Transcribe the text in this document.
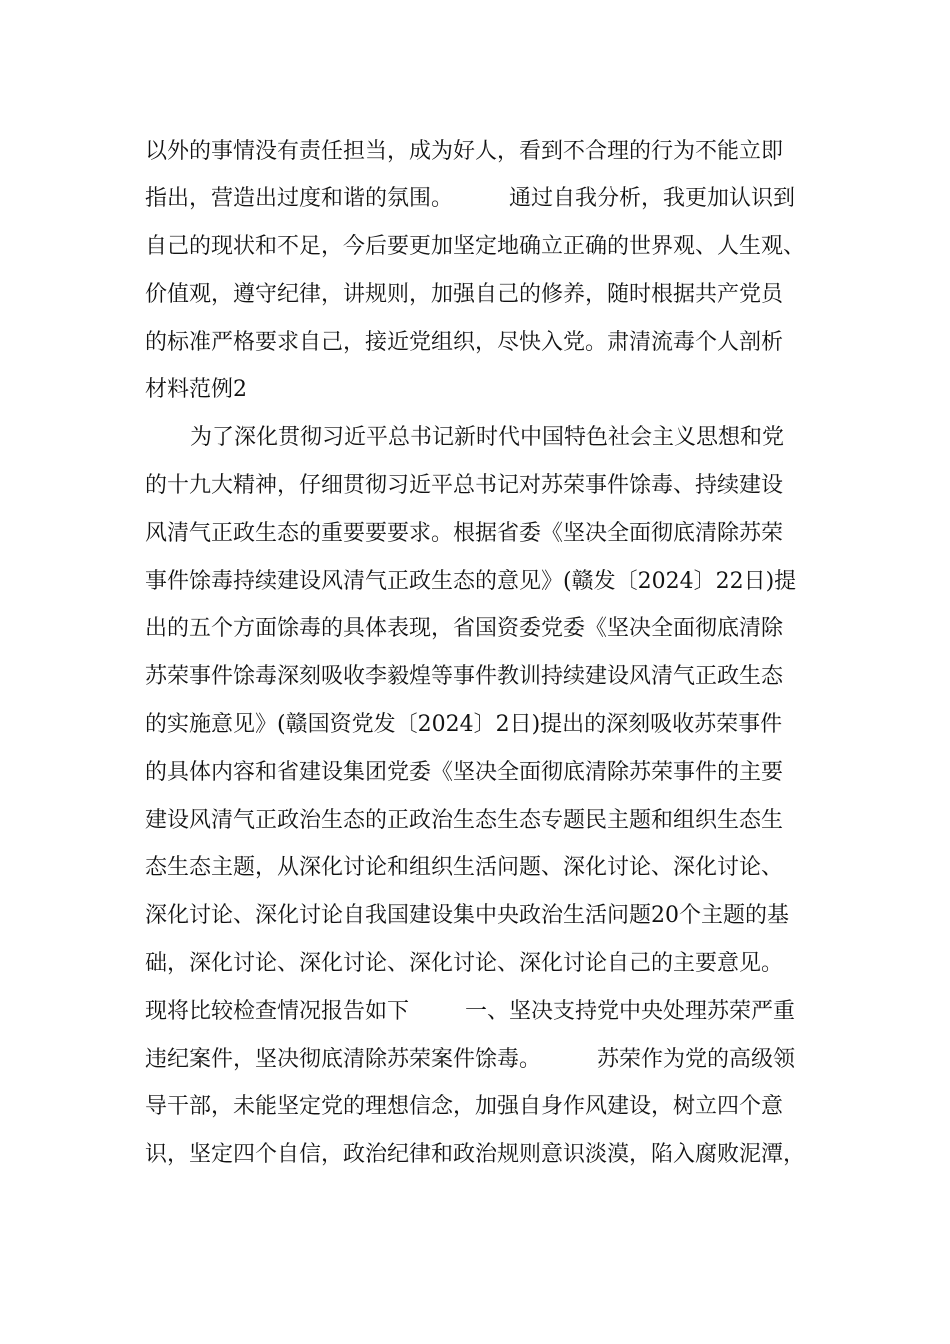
以外的事情没有责任担当，成为好人，看到不合理的行为不能立即

指出，营造出过度和谐的氛围。        通过自我分析，我更加认识到

自己的现状和不足，今后要更加坚定地确立正确的世界观、人生观、

价值观，遵守纪律，讲规则，加强自己的修养，随时根据共产党员

的标准严格要求自己，接近党组织，尽快入党。肃清流毒个人剖析

材料范例2

为了深化贯彻习近平总书记新时代中国特色社会主义思想和党

的十九大精神，仔细贯彻习近平总书记对苏荣事件馀毒、持续建设

风清气正政生态的重要要要求。根据省委《坚决全面彻底清除苏荣

事件馀毒持续建设风清气正政生态的意见》(赣发〔2024〕22日)提

出的五个方面馀毒的具体表现，省国资委党委《坚决全面彻底清除

苏荣事件馀毒深刻吸收李毅煌等事件教训持续建设风清气正政生态

的实施意见》(赣国资党发〔2024〕2日)提出的深刻吸收苏荣事件

的具体内容和省建设集团党委《坚决全面彻底清除苏荣事件的主要

建设风清气正政治生态的正政治生态生态专题民主题和组织生态生

态生态主题，从深化讨论和组织生活问题、深化讨论、深化讨论、

深化讨论、深化讨论自我国建设集中央政治生活问题20个主题的基

础，深化讨论、深化讨论、深化讨论、深化讨论自己的主要意见。

现将比较检查情况报告如下        一、坚决支持党中央处理苏荣严重

违纪案件，坚决彻底清除苏荣案件馀毒。        苏荣作为党的高级领

导干部，未能坚定党的理想信念，加强自身作风建设，树立四个意

识，坚定四个自信，政治纪律和政治规则意识淡漠，陷入腐败泥潭，
